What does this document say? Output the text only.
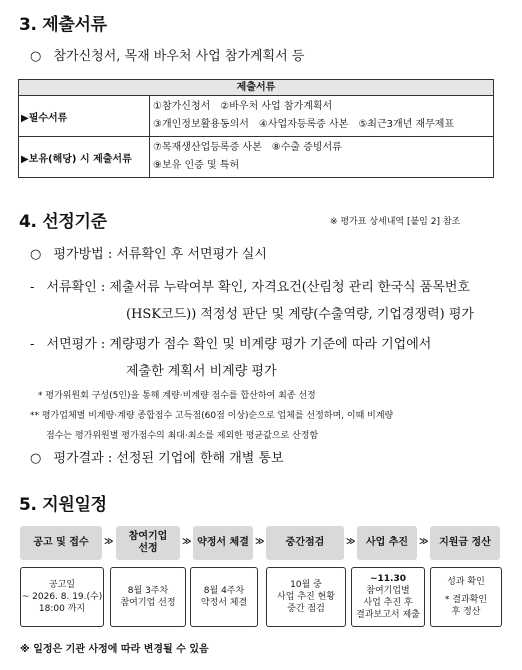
3. 제출서류
○ 참가신청서, 목재 바우처 사업 참가계획서 등
제출서류	
▶필수서류	①참가신청서　②바우처 사업 참가계획서
③개인정보활용동의서　④사업자등록증 사본　⑤최근3개년 재무제표

▶보유(해당) 시 제출서류	⑦목재생산업등록증 사본　⑧수출 증빙서류
⑨보유 인증 및 특허
4. 선정기준	※ 평가표 상세내역 [붙임 2] 참조
○ 평가방법 : 서류확인 후 서면평가 실시
- 서류확인 : 제출서류 누락여부 확인, 자격요건(산림청 관리 한국식 품목번호
(HSK코드)) 적정성 판단 및 계량(수출역량, 기업경쟁력) 평가
- 서면평가 : 계량평가 점수 확인 및 비계량 평가 기준에 따라 기업에서
제출한 계획서 비계량 평가
* 평가위원회 구성(5인)을 통해 계량·비계량 점수를 합산하여 최종 선정
** 평가업체별 비계량·계량 종합점수 고득점(60점 이상)순으로 업체를 선정하며, 이때 비계량
점수는 평가위원별 평가점수의 최대·최소를 제외한 평균값으로 산정함
○ 평가결과 : 선정된 기업에 한해 개별 통보
5. 지원일정
공고 및 접수	≫	참여기업
선정
≫ 약정서 체결 ≫	중간점검	≫	사업 추진	≫	지원금 정산
공고일
~ 2026. 8. 19.(수)
18:00 까지
8월 3주차
참여기업 선정
8월 4주차
약정서 체결
10월 중
사업 추진 현황
중간 점검
~11.30
참여기업별
사업 추진 후
결과보고서 제출
성과 확인
* 결과확인
후 정산
※ 일정은 기관 사정에 따라 변경될 수 있음
